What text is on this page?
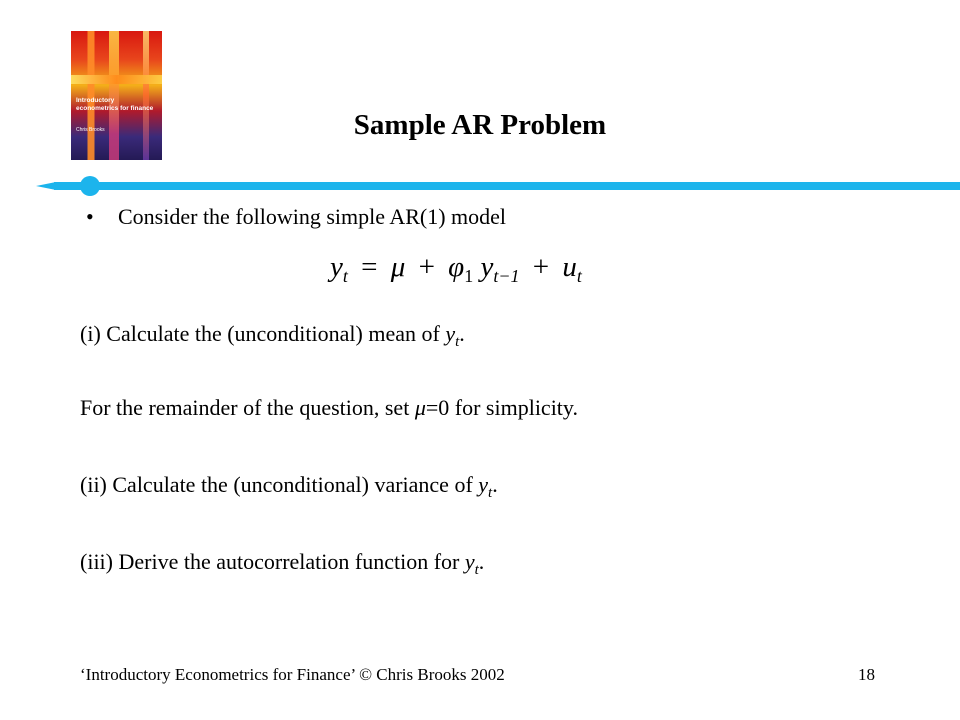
Introductory econometrics for finance
Chris Brooks	Sample AR Problem
• Consider the following simple AR(1) model
$y_t = \mu + \varphi_1$ $y_{t-1} + u_t$
(i) Calculate the (unconditional) mean of $y_t$.
For the remainder of the question, set μ=0 for simplicity.
(ii) Calculate the (unconditional) variance of $y_t$.
(iii) Derive the autocorrelation function for $y_t$.
‘Introductory Econometrics for Finance’ © Chris Brooks 2002	18
